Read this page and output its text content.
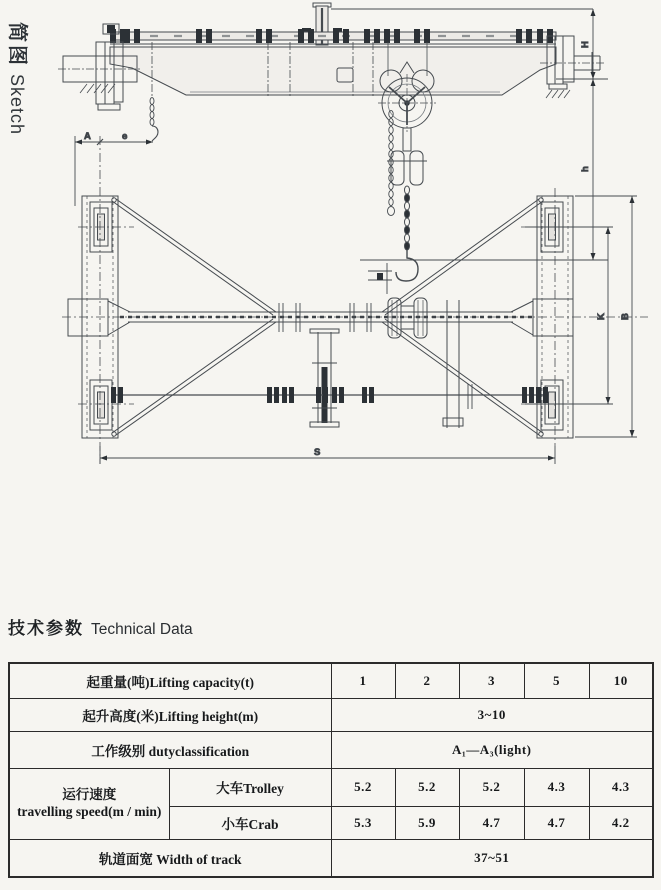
简图Sketch
H
h
A	e
K B
S
技术参数 Technical Data
起重量(吨)Lifting capacity(t)		1	2	3	5	10
起升高度(米)Lifting height(m)		3~10				
工作级别 dutyclassification		A₁—A₃(light)				

运行速度
travelling speed(m / min)	大车Trolley	5.2	5.2	5.2	4.3	4.3
	小车Crab	5.3	5.9	4.7	4.7	4.2
轨道面宽 Width of track		37~51				
